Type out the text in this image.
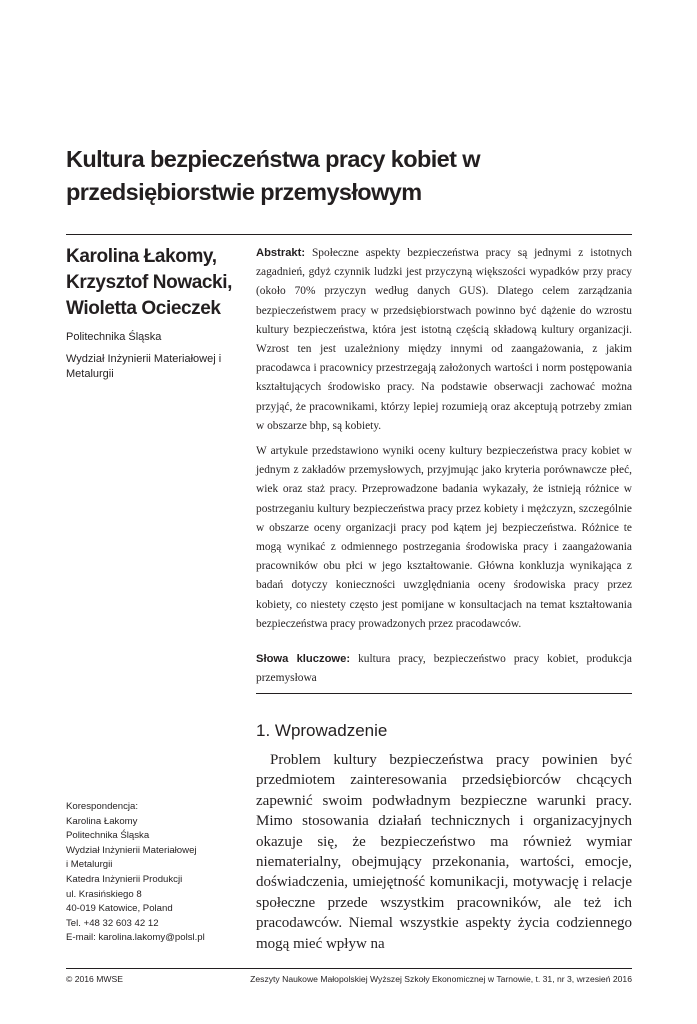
Kultura bezpieczeństwa pracy kobiet w przedsiębiorstwie przemysłowym
Karolina Łakomy,
Krzysztof Nowacki,
Wioletta Ocieczek
Politechnika Śląska
Wydział Inżynierii Materiałowej i Metalurgii

Abstrakt: Społeczne aspekty bezpieczeństwa pracy są jednymi z istotnych zagadnień, gdyż czynnik ludzki jest przyczyną większości wypadków przy pracy (około 70% przyczyn według danych GUS). Dlatego celem zarządzania bezpieczeństwem pracy w przedsiębiorstwach powinno być dążenie do wzrostu kultury bezpieczeństwa, która jest istotną częścią składową kultury organizacji. Wzrost ten jest uzależniony między innymi od zaangażowania, z jakim pracodawca i pracownicy przestrzegają założonych wartości i norm postępowania kształtujących środowisko pracy. Na podstawie obserwacji zachować można przyjąć, że pracownikami, którzy lepiej rozumieją oraz akceptują potrzeby zmian w obszarze bhp, są kobiety.

W artykule przedstawiono wyniki oceny kultury bezpieczeństwa pracy kobiet w jednym z zakładów przemysłowych, przyjmując jako kryteria porównawcze płeć, wiek oraz staż pracy. Przeprowadzone badania wykazały, że istnieją różnice w postrzeganiu kultury bezpieczeństwa pracy przez kobiety i mężczyzn, szczególnie w obszarze oceny organizacji pracy pod kątem jej bezpieczeństwa. Różnice te mogą wynikać z odmiennego postrzegania środowiska pracy i zaangażowania pracowników obu płci w jego kształtowanie. Główna konkluzja wynikająca z badań dotyczy konieczności uwzględniania oceny środowiska pracy przez kobiety, co niestety często jest pomijane w konsultacjach na temat kształtowania bezpieczeństwa pracy prowadzonych przez pracodawców.

Słowa kluczowe: kultura pracy, bezpieczeństwo pracy kobiet, produkcja przemysłowa
1. Wprowadzenie
Problem kultury bezpieczeństwa pracy powinien być przedmiotem zainteresowania przedsiębiorców chcących zapewnić swoim podwładnym bezpieczne warunki pracy. Mimo stosowania działań technicznych i organizacyjnych okazuje się, że bezpieczeństwo ma również wymiar niematerialny, obejmujący przekonania, wartości, emocje, doświadczenia, umiejętność komunikacji, motywację i relacje społeczne przede wszystkim pracowników, ale też ich pracodawców. Niemal wszystkie aspekty życia codziennego mogą mieć wpływ na
Korespondencja:
Karolina Łakomy
Politechnika Śląska
Wydział Inżynierii Materiałowej
i Metalurgii
Katedra Inżynierii Produkcji
ul. Krasińskiego 8
40-019 Katowice, Poland
Tel. +48 32 603 42 12
E-mail: karolina.lakomy@polsl.pl
© 2016 MWSE	Zeszyty Naukowe Małopolskiej Wyższej Szkoły Ekonomicznej w Tarnowie, t. 31, nr 3, wrzesień 2016
